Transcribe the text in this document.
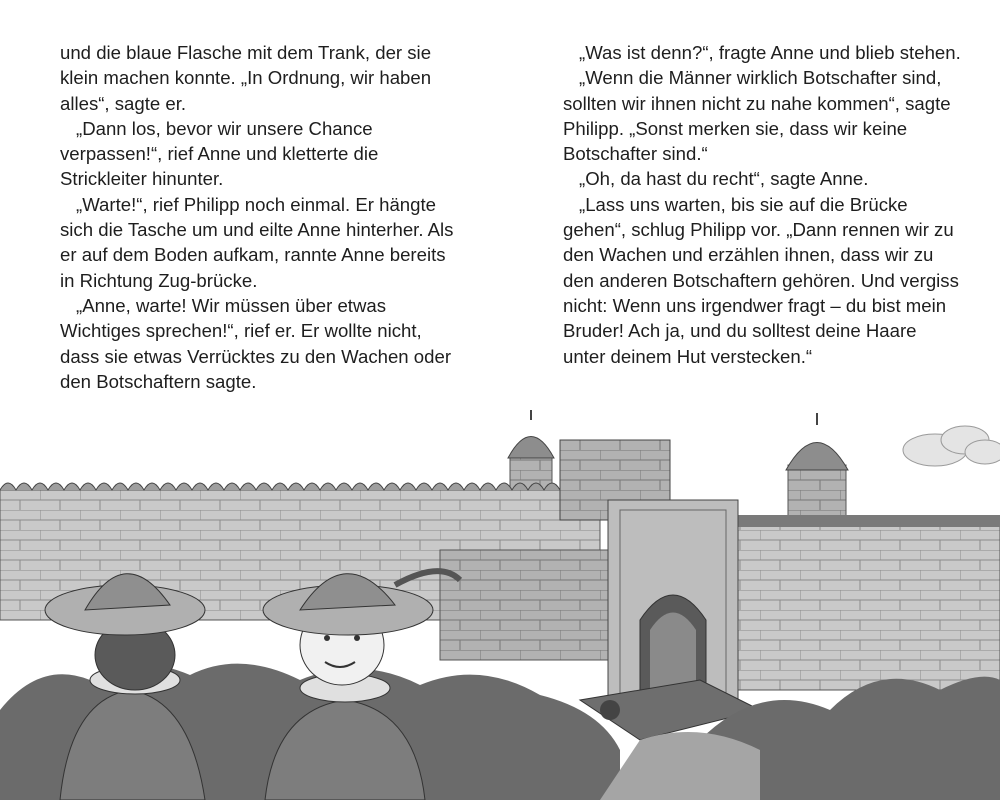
und die blaue Flasche mit dem Trank, der sie klein machen konnte. „In Ordnung, wir haben alles“, sagte er.

„Dann los, bevor wir unsere Chance verpassen!“, rief Anne und kletterte die Strickleiter hinunter.

„Warte!“, rief Philipp noch einmal. Er hängte sich die Tasche um und eilte Anne hinterher. Als er auf dem Boden aufkam, rannte Anne bereits in Richtung Zug-brücke.

„Anne, warte! Wir müssen über etwas Wichtiges sprechen!“, rief er. Er wollte nicht, dass sie etwas Verrücktes zu den Wachen oder den Botschaftern sagte.

„Was ist denn?“, fragte Anne und blieb stehen.

„Wenn die Männer wirklich Botschafter sind, sollten wir ihnen nicht zu nahe kommen“, sagte Philipp. „Sonst merken sie, dass wir keine Botschafter sind.“

„Oh, da hast du recht“, sagte Anne.

„Lass uns warten, bis sie auf die Brücke gehen“, schlug Philipp vor. „Dann rennen wir zu den Wachen und erzählen ihnen, dass wir zu den anderen Botschaftern gehören. Und vergiss nicht: Wenn uns irgendwer fragt – du bist mein Bruder! Ach ja, und du solltest deine Haare unter deinem Hut verstecken.“
